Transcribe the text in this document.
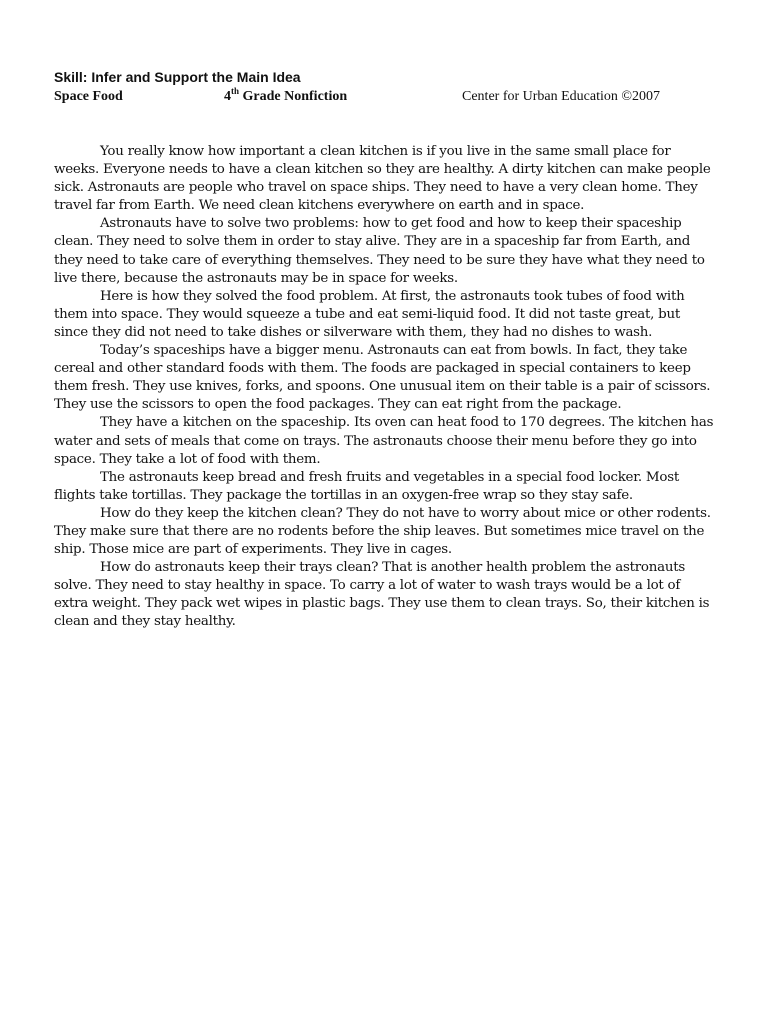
Skill: Infer and Support the Main Idea
Space Food	4th Grade Nonfiction	Center for Urban Education ©2007

You really know how important a clean kitchen is if you live in the same small place for weeks. Everyone needs to have a clean kitchen so they are healthy. A dirty kitchen can make people sick. Astronauts are people who travel on space ships. They need to have a very clean home. They travel far from Earth. We need clean kitchens everywhere on earth and in space.

Astronauts have to solve two problems: how to get food and how to keep their spaceship clean. They need to solve them in order to stay alive. They are in a spaceship far from Earth, and they need to take care of everything themselves. They need to be sure they have what they need to live there, because the astronauts may be in space for weeks.

Here is how they solved the food problem. At first, the astronauts took tubes of food with them into space. They would squeeze a tube and eat semi-liquid food. It did not taste great, but since they did not need to take dishes or silverware with them, they had no dishes to wash.

Today’s spaceships have a bigger menu. Astronauts can eat from bowls. In fact, they take cereal and other standard foods with them. The foods are packaged in special containers to keep them fresh. They use knives, forks, and spoons. One unusual item on their table is a pair of scissors. They use the scissors to open the food packages. They can eat right from the package.

They have a kitchen on the spaceship. Its oven can heat food to 170 degrees. The kitchen has water and sets of meals that come on trays. The astronauts choose their menu before they go into space. They take a lot of food with them.

The astronauts keep bread and fresh fruits and vegetables in a special food locker. Most flights take tortillas. They package the tortillas in an oxygen-free wrap so they stay safe.

How do they keep the kitchen clean? They do not have to worry about mice or other rodents. They make sure that there are no rodents before the ship leaves. But sometimes mice travel on the ship. Those mice are part of experiments. They live in cages.

How do astronauts keep their trays clean? That is another health problem the astronauts solve. They need to stay healthy in space. To carry a lot of water to wash trays would be a lot of extra weight. They pack wet wipes in plastic bags. They use them to clean trays. So, their kitchen is clean and they stay healthy.
